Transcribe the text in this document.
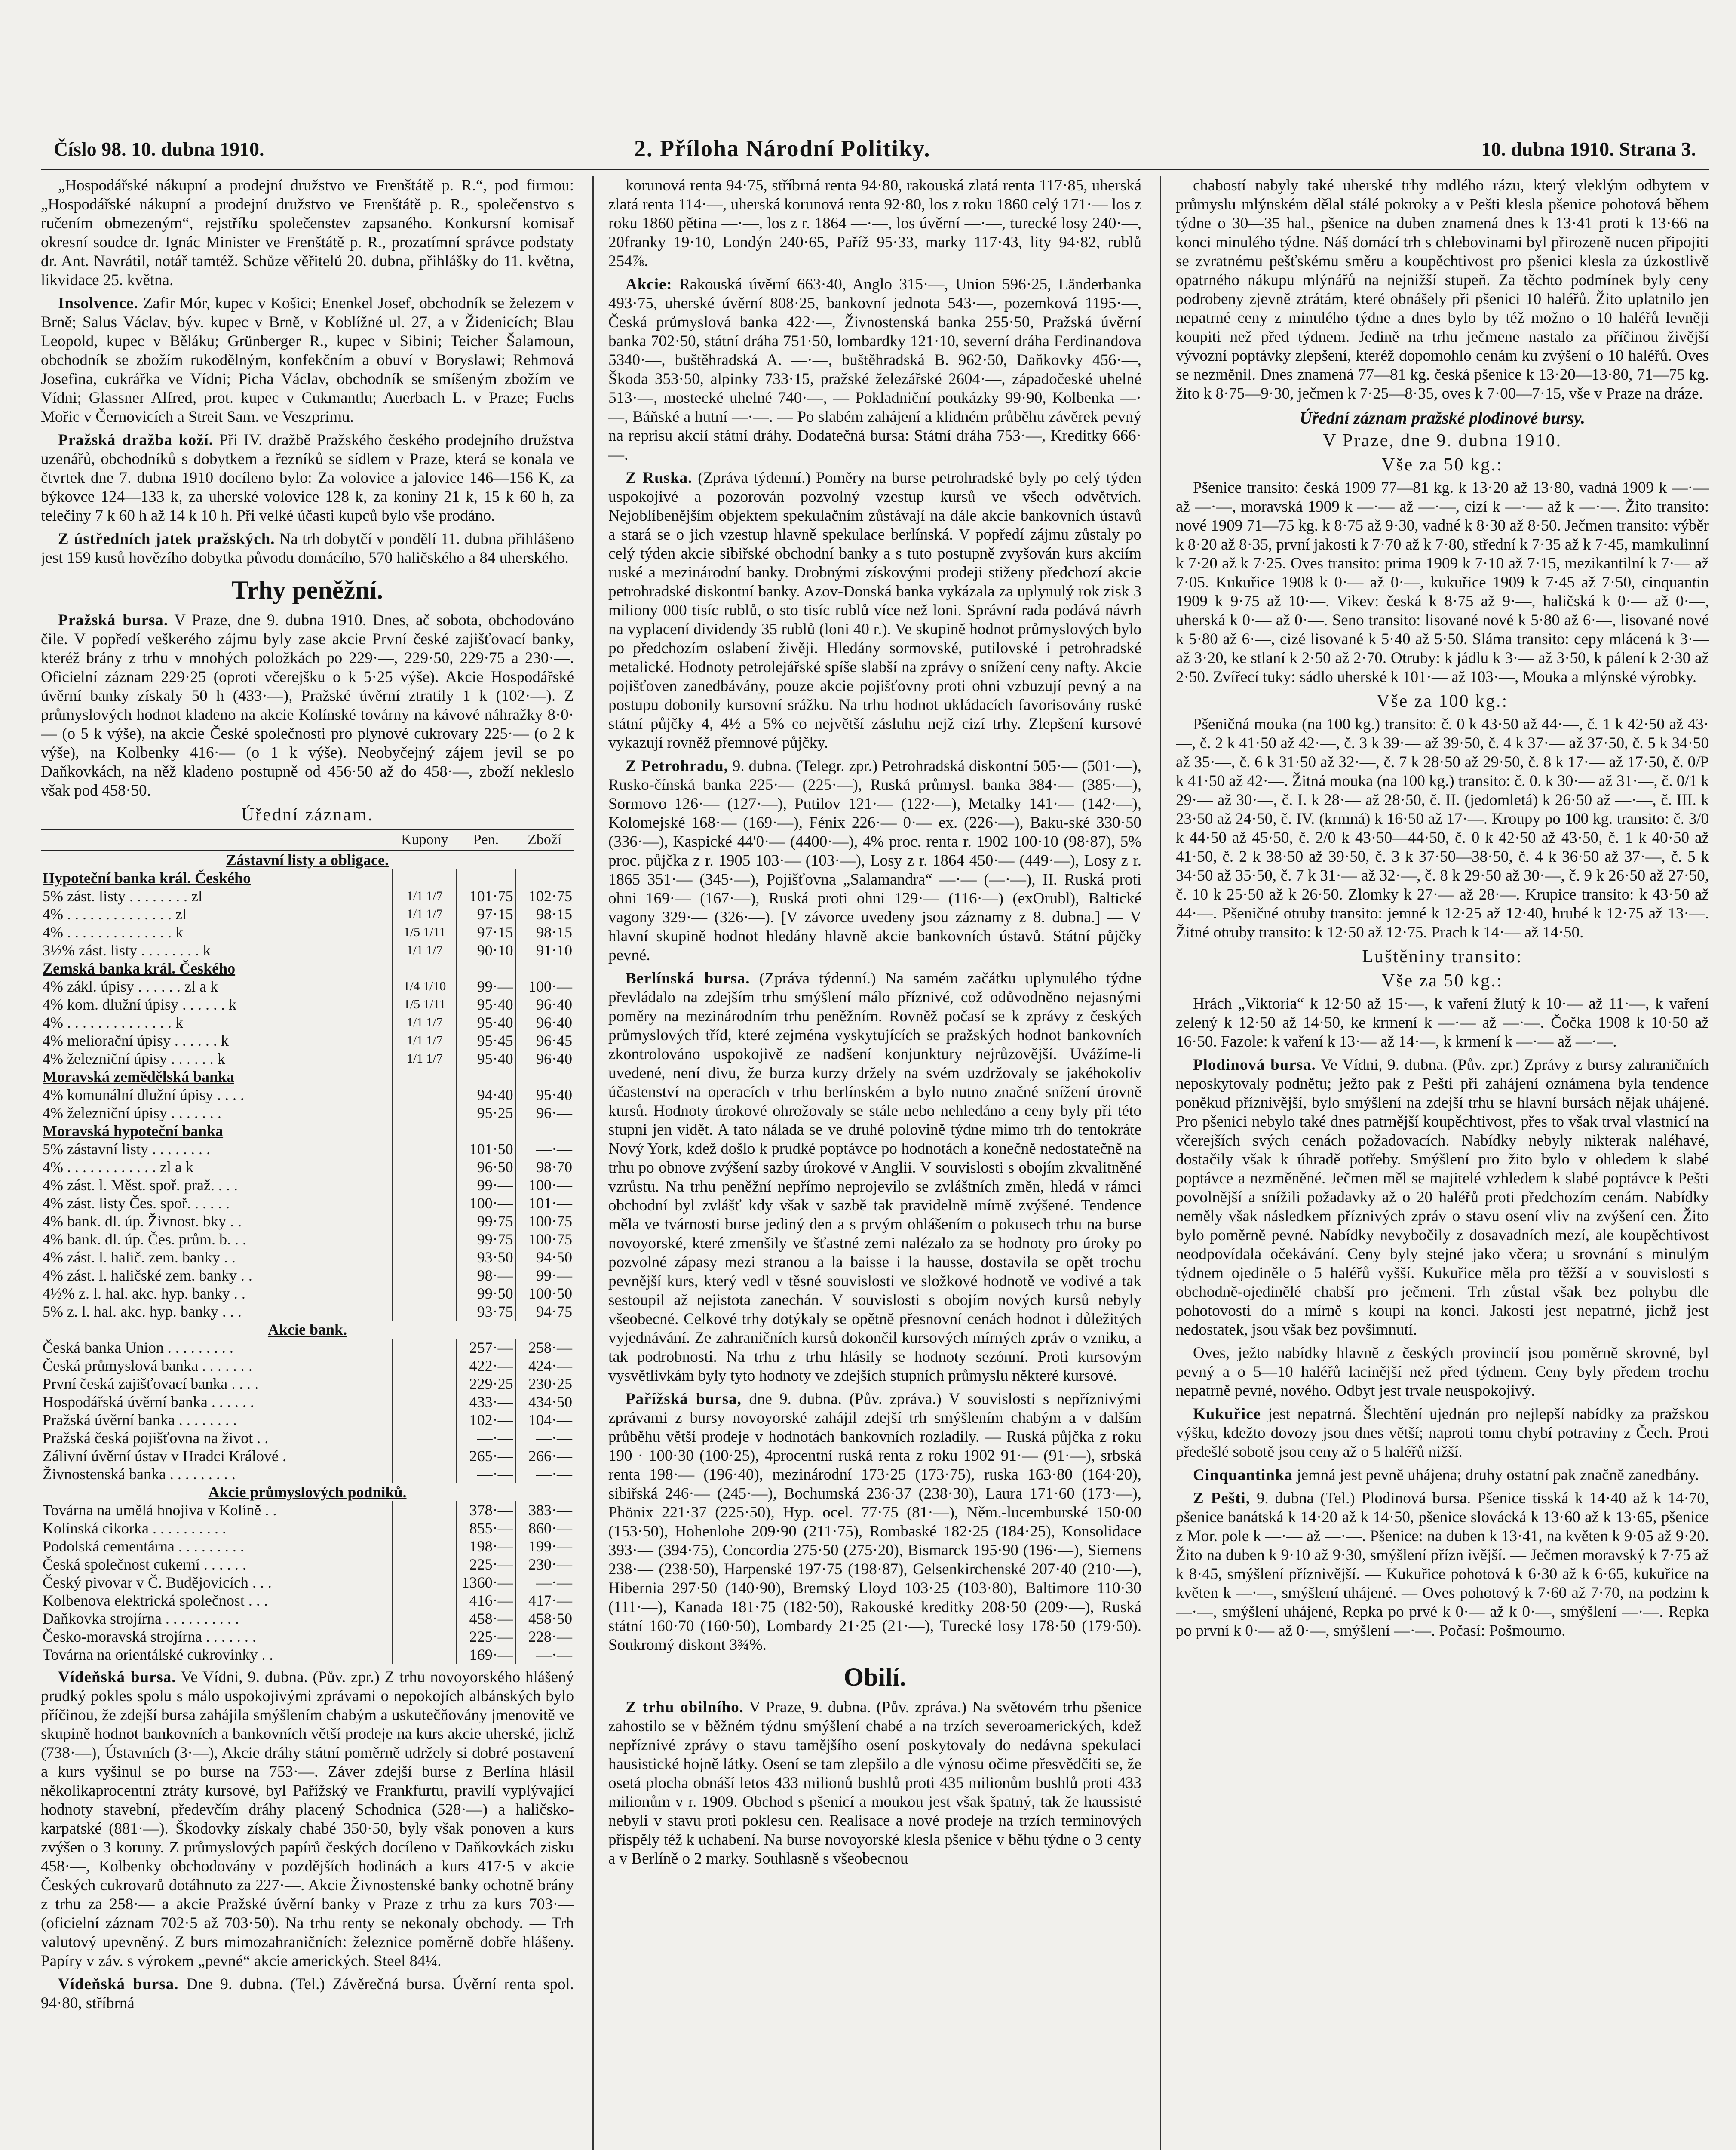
Číslo 98. 10. dubna 1910.	2. Příloha Národní Politiky.	10. dubna 1910. Strana 3.

„Hospodářské nákupní a prodejní družstvo ve Frenštátě p. R.“, pod firmou: „Hospodářské nákupní a prodejní družstvo ve Frenštátě p. R., společenstvo s ručením obmezeným“, rejstříku společenstev zapsaného. Konkursní komisař okresní soudce dr. Ignác Minister ve Frenštátě p. R., prozatímní správce podstaty dr. Ant. Navrátil, notář tamtéž. Schůze věřitelů 20. dubna, přihlášky do 11. května, likvidace 25. května.

Insolvence. Zafir Mór, kupec v Košici; Enenkel Josef, obchodník se železem v Brně; Salus Václav, býv. kupec v Brně, v Koblížné ul. 27, a v Židenicích; Blau Leopold, kupec v Běláku; Grünberger R., kupec v Sibini; Teicher Šalamoun, obchodník se zbožím rukodělným, konfekčním a obuví v Boryslawi; Rehmová Josefina, cukrářka ve Vídni; Picha Václav, obchodník se smíšeným zbožím ve Vídni; Glassner Alfred, prot. kupec v Cukmantlu; Auerbach L. v Praze; Fuchs Mořic v Černovicích a Streit Sam. ve Veszprimu.

Pražská dražba koží. Při IV. dražbě Pražského českého prodejního družstva uzenářů, obchodníků s dobytkem a řezníků se sídlem v Praze, která se konala ve čtvrtek dne 7. dubna 1910 docíleno bylo: Za volovice a jalovice 146—156 K, za býkovce 124—133 k, za uherské volovice 128 k, za koniny 21 k, 15 k 60 h, za telečiny 7 k 60 h až 14 k 10 h. Při velké účasti kupců bylo vše prodáno.

Z ústředních jatek pražských. Na trh dobytčí v pondělí 11. dubna přihlášeno jest 159 kusů hovězího dobytka původu domácího, 570 haličského a 84 uherského.

Trhy peněžní.

Pražská bursa. V Praze, dne 9. dubna 1910. Dnes, ač sobota, obchodováno čile. V popředí veškerého zájmu byly zase akcie První české zajišťovací banky, kteréž brány z trhu v mnohých položkách po 229·—, 229·50, 229·75 a 230·—. Oficielní záznam 229·25 (oproti včerejšku o k 5·25 výše). Akcie Hospodářské úvěrní banky získaly 50 h (433·—), Pražské úvěrní ztratily 1 k (102·—). Z průmyslových hodnot kladeno na akcie Kolínské továrny na kávové náhražky 8·0·— (o 5 k výše), na akcie České společnosti pro plynové cukrovary 225·— (o 2 k výše), na Kolbenky 416·— (o 1 k výše). Neobyčejný zájem jevil se po Daňkovkách, na něž kladeno postupně od 456·50 až do 458·—, zboží nekleslo však pod 458·50.

Úřední záznam.
	Kupony	Pen.	Zboží
Zástavní listy a obligace.			
Hypoteční banka král. Českého			
5% zást. listy . . . . . . . . zl	1/1 1/7	101·75	102·75
4% . . . . . . . . . . . . . . zl	1/1 1/7	97·15	98·15
4% . . . . . . . . . . . . . . k	1/5 1/11	97·15	98·15
3½% zást. listy . . . . . . . . k	1/1 1/7	90·10	91·10
Zemská banka král. Českého			
4% zákl. úpisy . . . . . . zl a k	1/4 1/10	99·—	100·—
4% kom. dlužní úpisy . . . . . . k	1/5 1/11	95·40	96·40
4% . . . . . . . . . . . . . . k	1/1 1/7	95·40	96·40
4% meliorační úpisy . . . . . . k	1/1 1/7	95·45	96·45
4% železniční úpisy . . . . . . k	1/1 1/7	95·40	96·40
Moravská zemědělská banka			
4% komunální dlužní úpisy . . . .		94·40	95·40
4% železniční úpisy . . . . . . .		95·25	96·—
Moravská hypoteční banka			
5% zástavní listy . . . . . . . .		101·50	—·—
4% . . . . . . . . . . . . zl a k		96·50	98·70
4% zást. l. Měst. spoř. praž. . . .		99·—	100·—
4% zást. listy Čes. spoř. . . . . .		100·—	101·—
4% bank. dl. úp. Živnost. bky . .		99·75	100·75
4% bank. dl. úp. Čes. prům. b. . .		99·75	100·75
4% zást. l. halič. zem. banky . .		93·50	94·50
4% zást. l. haličské zem. banky . .		98·—	99·—
4½% z. l. hal. akc. hyp. banky . .		99·50	100·50
5% z. l. hal. akc. hyp. banky . . .		93·75	94·75
Akcie bank.			
Česká banka Union . . . . . . . . .		257·—	258·—
Česká průmyslová banka . . . . . . .		422·—	424·—
První česká zajišťovací banka . . . .		229·25	230·25
Hospodářská úvěrní banka . . . . . .		433·—	434·50
Pražská úvěrní banka . . . . . . . .		102·—	104·—
Pražská česká pojišťovna na život . .		—·—	—·—
Zálivní úvěrní ústav v Hradci Králové .		265·—	266·—
Živnostenská banka . . . . . . . . .		—·—	—·—
Akcie průmyslových podniků.			
Továrna na umělá hnojiva v Kolíně . .		378·—	383·—
Kolínská cikorka . . . . . . . . . .		855·—	860·—
Podolská cementárna . . . . . . . . .		198·—	199·—
Česká společnost cukerní . . . . . .		225·—	230·—
Český pivovar v Č. Budějovicích . . .		1360·—	—·—
Kolbenova elektrická společnost . . .		416·—	417·—
Daňkovka strojírna . . . . . . . . . .		458·—	458·50
Česko-moravská strojírna . . . . . . .		225·—	228·—
Továrna na orientálské cukrovinky . .		169·—	—·—

Vídeňská bursa. Ve Vídni, 9. dubna. (Pův. zpr.) Z trhu novoyorského hlášený prudký pokles spolu s málo uspokojivými zprávami o nepokojích albánských bylo příčinou, že zdejší bursa zahájila smýšlením chabým a uskutečňovány jmenovitě ve skupině hodnot bankovních a bankovních větší prodeje na kurs akcie uherské, jichž (738·—), Ústavních (3·—), Akcie dráhy státní poměrně udržely si dobré postavení a kurs vyšinul se po burse na 753·—. Záver zdejší burse z Berlína hlásil několikaprocentní ztráty kursové, byl Pařížský ve Frankfurtu, pravilí vyplývající hodnoty stavební, předevčím dráhy placený Schodnica (528·—) a haličsko-karpatské (881·—). Škodovky získaly chabé 350·50, byly však ponoven a kurs zvýšen o 3 koruny. Z průmyslových papírů českých docíleno v Daňkovkách zisku 458·—, Kolbenky obchodovány v pozdějších hodinách a kurs 417·5 v akcie Českých cukrovarů dotáhnuto za 227·—. Akcie Živnostenské banky ochotně brány z trhu za 258·— a akcie Pražské úvěrní banky v Praze z trhu za kurs 703·— (oficielní záznam 702·5 až 703·50). Na trhu renty se nekonaly obchody. — Trh valutový upevněný. Z burs mimozahraničních: železnice poměrně dobře hlášeny. Papíry v záv. s výrokem „pevné“ akcie amerických. Steel 84¼.

Vídeňská bursa. Dne 9. dubna. (Tel.) Závěrečná bursa. Úvěrní renta spol. 94·80, stříbrná

korunová renta 94·75, stříbrná renta 94·80, rakouská zlatá renta 117·85, uherská zlatá renta 114·—, uherská korunová renta 92·80, los z roku 1860 celý 171·— los z roku 1860 pětina —·—, los z r. 1864 —·—, los úvěrní —·—, turecké losy 240·—, 20franky 19·10, Londýn 240·65, Paříž 95·33, marky 117·43, lity 94·82, rublů 254⅞.

Akcie: Rakouská úvěrní 663·40, Anglo 315·—, Union 596·25, Länderbanka 493·75, uherské úvěrní 808·25, bankovní jednota 543·—, pozemková 1195·—, Česká průmyslová banka 422·—, Živnostenská banka 255·50, Pražská úvěrní banka 702·50, státní dráha 751·50, lombardky 121·10, severní dráha Ferdinandova 5340·—, buštěhradská A. —·—, buštěhradská B. 962·50, Daňkovky 456·—, Škoda 353·50, alpinky 733·15, pražské železářské 2604·—, západočeské uhelné 513·—, mostecké uhelné 740·—, — Pokladniční poukázky 99·90, Kolbenka —·—, Báňské a hutní —·—. — Po slabém zahájení a klidném průběhu závěrek pevný na reprisu akcií státní dráhy. Dodatečná bursa: Státní dráha 753·—, Kreditky 666·—.

Z Ruska. (Zpráva týdenní.) Poměry na burse petrohradské byly po celý týden uspokojivé a pozorován pozvolný vzestup kursů ve všech odvětvích. Nejoblíbenějším objektem spekulačním zůstávají na dále akcie bankovních ústavů a stará se o jich vzestup hlavně spekulace berlínská. V popředí zájmu zůstaly po celý týden akcie sibiřské obchodní banky a s tuto postupně zvyšován kurs akciím ruské a mezinárodní banky. Drobnými získovými prodeji stiženy předchozí akcie petrohradské diskontní banky. Azov-Donská banka vykázala za uplynulý rok zisk 3 miliony 000 tisíc rublů, o sto tisíc rublů více než loni. Správní rada podává návrh na vyplacení dividendy 35 rublů (loni 40 r.). Ve skupině hodnot průmyslových bylo po předchozím oslabení živěji. Hledány sormovské, putilovské i petrohradské metalické. Hodnoty petrolejářské spíše slabší na zprávy o snížení ceny nafty. Akcie pojišťoven zanedbávány, pouze akcie pojišťovny proti ohni vzbuzují pevný a na postupu dobonily kursovní srážku. Na trhu hodnot ukládacích favorisovány ruské státní půjčky 4, 4½ a 5% co největší zásluhu nejž cizí trhy. Zlepšení kursové vykazují rovněž přemnové půjčky.

Z Petrohradu, 9. dubna. (Telegr. zpr.) Petrohradská diskontní 505·— (501·—), Rusko-čínská banka 225·— (225·—), Ruská průmysl. banka 384·— (385·—), Sormovo 126·— (127·—), Putilov 121·— (122·—), Metalky 141·— (142·—), Kolomejské 168·— (169·—), Fénix 226·— 0·— ex. (226·—), Baku-ské 330·50 (336·—), Kaspické 44'0·— (4400·—), 4% proc. renta r. 1902 100·10 (98·87), 5% proc. půjčka z r. 1905 103·— (103·—), Losy z r. 1864 450·— (449·—), Losy z r. 1865 351·— (345·—), Pojišťovna „Salamandra“ —·— (—·—), II. Ruská proti ohni 169·— (167·—), Ruská proti ohni 129·— (116·—) (exOrubl), Baltické vagony 329·— (326·—). [V závorce uvedeny jsou záznamy z 8. dubna.] — V hlavní skupině hodnot hledány hlavně akcie bankovních ústavů. Státní půjčky pevné.

Berlínská bursa. (Zpráva týdenní.) Na samém začátku uplynulého týdne převládalo na zdejším trhu smýšlení málo příznivé, což odůvodněno nejasnými poměry na mezinárodním trhu peněžním. Rovněž počasí se k zprávy z českých průmyslových tříd, které zejména vyskytujících se pražských hodnot bankovních zkontrolováno uspokojivě ze nadšení konjunktury nejrůzovější. Uvážíme-li uvedené, není divu, že burza kurzy držely na svém uzdržovaly se jakéhokoliv účastenství na operacích v trhu berlínském a bylo nutno značné snížení úrovně kursů. Hodnoty úrokové ohrožovaly se stále nebo nehledáno a ceny byly při této stupni jen vidět. A tato nálada se ve druhé polovině týdne mimo trh do tentokráte Nový York, kdež došlo k prudké poptávce po hodnotách a konečně nedostatečně na trhu po obnove zvýšení sazby úrokové v Anglii. V souvislosti s obojím zkvalitněné vzrůstu. Na trhu peněžní nepřímo neprojevilo se zvláštních změn, hledá v rámci obchodní byl zvlášť kdy však v sazbě tak pravidelně mírně zvýšené. Tendence měla ve tvárnosti burse jediný den a s prvým ohlášením o pokusech trhu na burse novoyorské, které zmenšily ve šťastné zemi nalézalo za se hodnoty pro úroky po pozvolné zápasy mezi stranou a la baisse i la hausse, dostavila se opět trochu pevnější kurs, který vedl v těsné souvislosti ve složkové hodnotě ve vodivé a tak sestoupil až nejistota zanechán. V souvislosti s obojím nových kursů nebyly všeobecné. Celkové trhy dotýkaly se opětně přesnovní cenách hodnot i důležitých vyjednávání. Ze zahraničních kursů dokončil kursových mírných zpráv o vzniku, a tak podrobnosti. Na trhu z trhu hlásily se hodnoty sezónní. Proti kursovým vysvětlivkám byly tyto hodnoty ve zdejších stupních průmyslu některé kursové.

Pařížská bursa, dne 9. dubna. (Pův. zpráva.) V souvislosti s nepříznivými zprávami z bursy novoyorské zahájil zdejší trh smýšlením chabým a v dalším průběhu větší prodeje v hodnotách bankovních rozladily. — Ruská půjčka z roku 190 · 100·30 (100·25), 4procentní ruská renta z roku 1902 91·— (91·—), srbská renta 198·— (196·40), mezinárodní 173·25 (173·75), ruska 163·80 (164·20), sibiřská 246·— (245·—), Bochumská 236·37 (238·30), Laura 171·60 (173·—), Phönix 221·37 (225·50), Hyp. ocel. 77·75 (81·—), Něm.-lucemburské 150·00 (153·50), Hohenlohe 209·90 (211·75), Rombaské 182·25 (184·25), Konsolidace 393·— (394·75), Concordia 275·50 (275·20), Bismarck 195·90 (196·—), Siemens 238·— (238·50), Harpenské 197·75 (198·87), Gelsenkirchenské 207·40 (210·—), Hibernia 297·50 (140·90), Bremský Lloyd 103·25 (103·80), Baltimore 110·30 (111·—), Kanada 181·75 (182·50), Rakouské kreditky 208·50 (209·—), Ruská státní 160·70 (160·50), Lombardy 21·25 (21·—), Turecké losy 178·50 (179·50). Soukromý diskont 3¾%.

Obilí.

Z trhu obilního. V Praze, 9. dubna. (Pův. zpráva.) Na světovém trhu pšenice zahostilo se v běžném týdnu smýšlení chabé a na trzích severoamerických, kdež nepříznivé zprávy o stavu tamějšího osení poskytovaly do nedávna spekulaci hausistické hojně látky. Osení se tam zlepšilo a dle výnosu očime přesvědčiti se, že osetá plocha obnáší letos 433 milionů bushlů proti 435 milionům bushlů proti 433 milionům v r. 1909. Obchod s pšenicí a moukou jest však špatný, tak že haussisté nebyli v stavu proti poklesu cen. Realisace a nové prodeje na trzích terminových přispěly též k uchabení. Na burse novoyorské klesla pšenice v běhu týdne o 3 centy a v Berlíně o 2 marky. Souhlasně s všeobecnou

chabostí nabyly také uherské trhy mdlého rázu, který vleklým odbytem v průmyslu mlýnském dělal stálé pokroky a v Pešti klesla pšenice pohotová během týdne o 30—35 hal., pšenice na duben znamená dnes k 13·41 proti k 13·66 na konci minulého týdne. Náš domácí trh s chlebovinami byl přirozeně nucen připojiti se zvratnému pešťskému směru a koupěchtivost pro pšenici klesla za úzkostlivě opatrného nákupu mlýnářů na nejnižší stupeň. Za těchto podmínek byly ceny podrobeny zjevně ztrátám, které obnášely při pšenici 10 haléřů. Žito uplatnilo jen nepatrné ceny z minulého týdne a dnes bylo by též možno o 10 haléřů levněji koupiti než před týdnem. Jedině na trhu ječmene nastalo za příčinou živější vývozní poptávky zlepšení, kteréž dopomohlo cenám ku zvýšení o 10 haléřů. Oves se nezměnil. Dnes znamená 77—81 kg. česká pšenice k 13·20—13·80, 71—75 kg. žito k 8·75—9·30, ječmen k 7·25—8·35, oves k 7·00—7·15, vše v Praze na dráze.

Úřední záznam pražské plodinové bursy.
V Praze, dne 9. dubna 1910.
Vše za 50 kg.:

Pšenice transito: česká 1909 77—81 kg. k 13·20 až 13·80, vadná 1909 k —·— až —·—, moravská 1909 k —·— až —·—, cizí k —·— až k —·—. Žito transito: nové 1909 71—75 kg. k 8·75 až 9·30, vadné k 8·30 až 8·50. Ječmen transito: výběr k 8·20 až 8·35, první jakosti k 7·70 až k 7·80, střední k 7·35 až k 7·45, mamkulinní k 7·20 až k 7·25. Oves transito: prima 1909 k 7·10 až 7·15, mezikantilní k 7·— až 7·05. Kukuřice 1908 k 0·— až 0·—, kukuřice 1909 k 7·45 až 7·50, cinquantin 1909 k 9·75 až 10·—. Vikev: česká k 8·75 až 9·—, haličská k 0·— až 0·—, uherská k 0·— až 0·—. Seno transito: lisované nové k 5·80 až 6·—, lisované nové k 5·80 až 6·—, cizé lisované k 5·40 až 5·50. Sláma transito: cepy mlácená k 3·— až 3·20, ke stlaní k 2·50 až 2·70. Otruby: k jádlu k 3·— až 3·50, k pálení k 2·30 až 2·50. Zvířecí tuky: sádlo uherské k 101·— až 103·—, Mouka a mlýnské výrobky.

Vše za 100 kg.:

Pšeničná mouka (na 100 kg.) transito: č. 0 k 43·50 až 44·—, č. 1 k 42·50 až 43·—, č. 2 k 41·50 až 42·—, č. 3 k 39·— až 39·50, č. 4 k 37·— až 37·50, č. 5 k 34·50 až 35·—, č. 6 k 31·50 až 32·—, č. 7 k 28·50 až 29·50, č. 8 k 17·— až 17·50, č. 0/P k 41·50 až 42·—. Žitná mouka (na 100 kg.) transito: č. 0. k 30·— až 31·—, č. 0/1 k 29·— až 30·—, č. I. k 28·— až 28·50, č. II. (jedomletá) k 26·50 až —·—, č. III. k 23·50 až 24·50, č. IV. (krmná) k 16·50 až 17·—. Kroupy po 100 kg. transito: č. 3/0 k 44·50 až 45·50, č. 2/0 k 43·50—44·50, č. 0 k 42·50 až 43·50, č. 1 k 40·50 až 41·50, č. 2 k 38·50 až 39·50, č. 3 k 37·50—38·50, č. 4 k 36·50 až 37·—, č. 5 k 34·50 až 35·50, č. 7 k 31·— až 32·—, č. 8 k 29·50 až 30·—, č. 9 k 26·50 až 27·50, č. 10 k 25·50 až k 26·50. Zlomky k 27·— až 28·—. Krupice transito: k 43·50 až 44·—. Pšeničné otruby transito: jemné k 12·25 až 12·40, hrubé k 12·75 až 13·—. Žitné otruby transito: k 12·50 až 12·75. Prach k 14·— až 14·50.

Luštěniny transito:
Vše za 50 kg.:

Hrách „Viktoria“ k 12·50 až 15·—, k vaření žlutý k 10·— až 11·—, k vaření zelený k 12·50 až 14·50, ke krmení k —·— až —·—. Čočka 1908 k 10·50 až 16·50. Fazole: k vaření k 13·— až 14·—, k krmení k —·— až —·—.

Plodinová bursa. Ve Vídni, 9. dubna. (Pův. zpr.) Zprávy z bursy zahraničních neposkytovaly podnětu; ježto pak z Pešti při zahájení oznámena byla tendence poněkud příznivější, bylo smýšlení na zdejší trhu se hlavní bursách nějak uhájené. Pro pšenici nebylo také dnes patrnější koupěchtivost, přes to však trval vlastnicí na včerejších svých cenách požadovacích. Nabídky nebyly nikterak naléhavé, dostačily však k úhradě potřeby. Smýšlení pro žito bylo v ohledem k slabé poptávce a nezměněné. Ječmen měl se majitelé vzhledem k slabé poptávce k Pešti povolnější a snížili požadavky až o 20 haléřů proti předchozím cenám. Nabídky neměly však následkem příznivých zpráv o stavu osení vliv na zvýšení cen. Žito bylo poměrně pevné. Nabídky nevybočily z dosavadních mezí, ale koupěchtivost neodpovídala očekávání. Ceny byly stejné jako včera; u srovnání s minulým týdnem ojediněle o 5 haléřů vyšší. Kukuřice měla pro těžší a v souvislosti s obchodně-ojedinělé chabší pro ječmeni. Trh zůstal však bez pohybu dle pohotovosti do a mírně s koupi na konci. Jakosti jest nepatrné, jichž jest nedostatek, jsou však bez povšimnutí.

Oves, ježto nabídky hlavně z českých provincií jsou poměrně skrovné, byl pevný a o 5—10 haléřů lacinější než před týdnem. Ceny byly předem trochu nepatrně pevné, nového. Odbyt jest trvale neuspokojivý.

Kukuřice jest nepatrná. Šlechtění ujednán pro nejlepší nabídky za pražskou výšku, kdežto dovozy jsou dnes větší; naproti tomu chybí potraviny z Čech. Proti předešlé sobotě jsou ceny až o 5 haléřů nižší.

Cinquantinka jemná jest pevně uhájena; druhy ostatní pak značně zanedbány.

Z Pešti, 9. dubna (Tel.) Plodinová bursa. Pšenice tisská k 14·40 až k 14·70, pšenice banátská k 14·20 až k 14·50, pšenice slovácká k 13·60 až k 13·65, pšenice z Mor. pole k —·— až —·—. Pšenice: na duben k 13·41, na květen k 9·05 až 9·20. Žito na duben k 9·10 až 9·30, smýšlení přízn ivější. — Ječmen moravský k 7·75 až k 8·45, smýšlení příznivější. — Kukuřice pohotová k 6·30 až k 6·65, kukuřice na květen k —·—, smýšlení uhájené. — Oves pohotový k 7·60 až 7·70, na podzim k —·—, smýšlení uhájené, Repka po prvé k 0·— až k 0·—, smýšlení —·—. Repka po první k 0·— až 0·—, smýšlení —·—. Počasí: Pošmourno.
